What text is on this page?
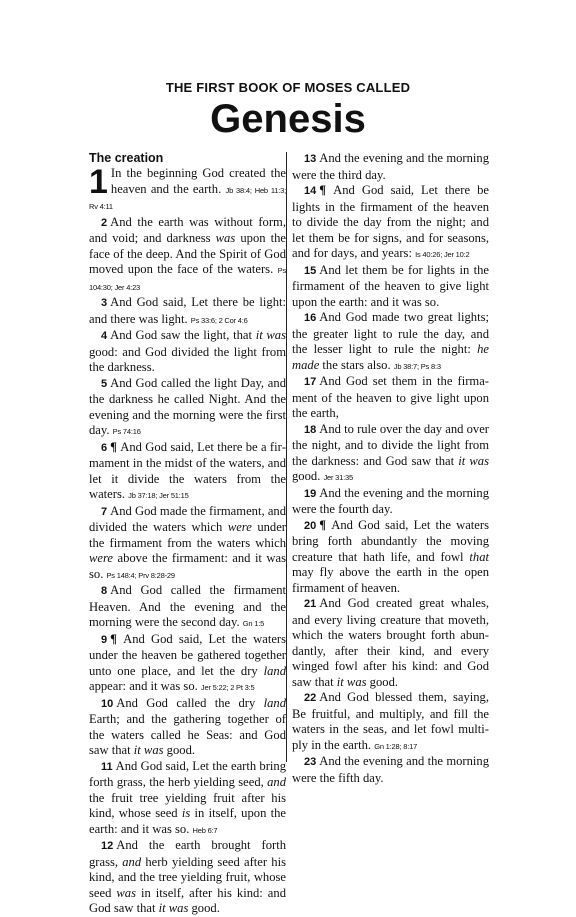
THE FIRST BOOK OF MOSES CALLED
Genesis
The creation

1 In the beginning God created the heaven and the earth. Jb 38:4; Heb 11:3; Rv 4:11

2 And the earth was without form, and void; and darkness was upon the face of the deep. And the Spirit of God moved upon the face of the waters. Ps 104:30; Jer 4:23

3 And God said, Let there be light: and there was light. Ps 33:6; 2 Cor 4:6

4 And God saw the light, that it was good: and God divided the light from the darkness.

5 And God called the light Day, and the darkness he called Night. And the evening and the morning were the first day. Ps 74:16

6 ¶ And God said, Let there be a firmament in the midst of the waters, and let it divide the waters from the waters. Jb 37:18; Jer 51:15

7 And God made the firmament, and divided the waters which were under the firmament from the waters which were above the firmament: and it was so. Ps 148:4; Prv 8:28-29

8 And God called the firmament Heaven. And the evening and the morning were the second day. Gn 1:5

9 ¶ And God said, Let the waters under the heaven be gathered together unto one place, and let the dry land appear: and it was so. Jer 5:22; 2 Pt 3:5

10 And God called the dry land Earth; and the gathering together of the waters called he Seas: and God saw that it was good.

11 And God said, Let the earth bring forth grass, the herb yielding seed, and the fruit tree yielding fruit after his kind, whose seed is in itself, upon the earth: and it was so. Heb 6:7

12 And the earth brought forth grass, and herb yielding seed after his kind, and the tree yielding fruit, whose seed was in itself, after his kind: and God saw that it was good.

13 And the evening and the morning were the third day.

14 ¶ And God said, Let there be lights in the firmament of the heaven to divide the day from the night; and let them be for signs, and for seasons, and for days, and years: Is 40:26; Jer 10:2

15 And let them be for lights in the firmament of the heaven to give light upon the earth: and it was so.

16 And God made two great lights; the greater light to rule the day, and the lesser light to rule the night: he made the stars also. Jb 38:7; Ps 8:3

17 And God set them in the firmament of the heaven to give light upon the earth,

18 And to rule over the day and over the night, and to divide the light from the darkness: and God saw that it was good. Jer 31:35

19 And the evening and the morning were the fourth day.

20 ¶ And God said, Let the waters bring forth abundantly the moving creature that hath life, and fowl that may fly above the earth in the open firmament of heaven.

21 And God created great whales, and every living creature that moveth, which the waters brought forth abundantly, after their kind, and every winged fowl after his kind: and God saw that it was good.

22 And God blessed them, saying, Be fruitful, and multiply, and fill the waters in the seas, and let fowl multiply in the earth. Gn 1:28; 8:17

23 And the evening and the morning were the fifth day.
